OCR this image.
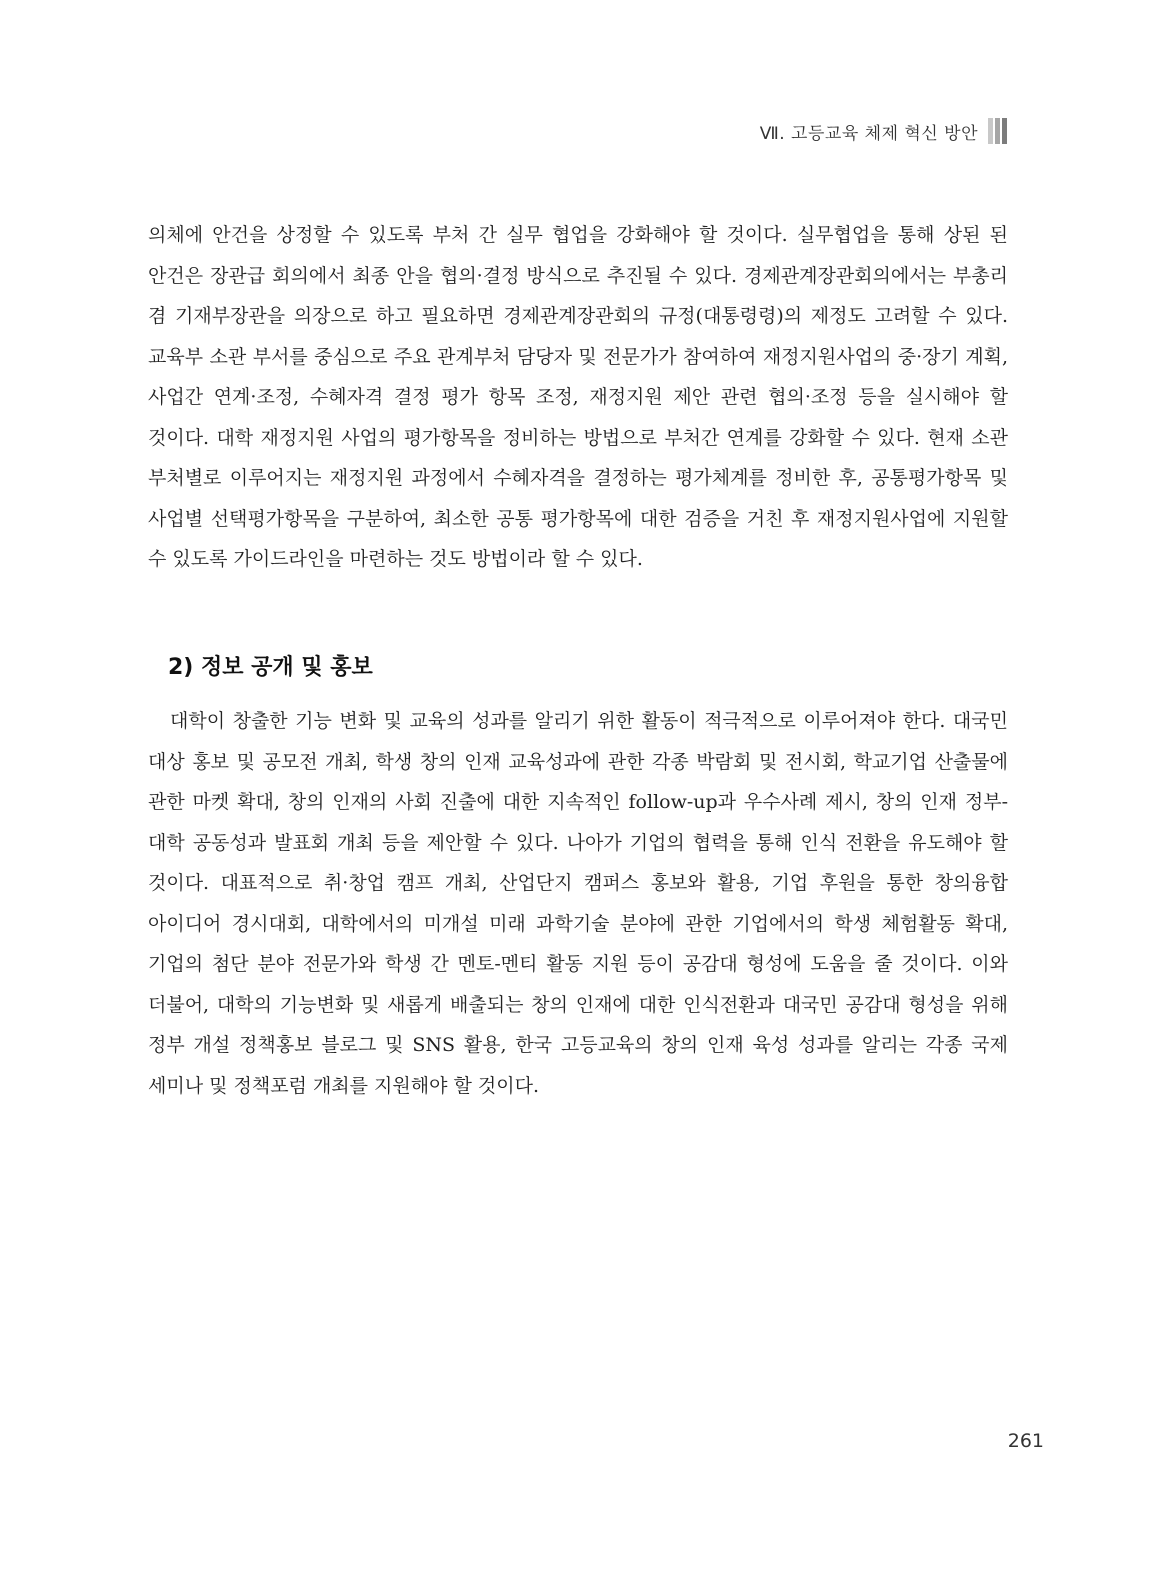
Ⅶ. 고등교육 체제 혁신 방안

의체에 안건을 상정할 수 있도록 부처 간 실무 협업을 강화해야 할 것이다. 실무협업을 통해 상된 된 안건은 장관급 회의에서 최종 안을 협의·결정 방식으로 추진될 수 있다. 경제관계장관회의에서는 부총리 겸 기재부장관을 의장으로 하고 필요하면 경제관계장관회의 규정(대통령령)의 제정도 고려할 수 있다. 교육부 소관 부서를 중심으로 주요 관계부처 담당자 및 전문가가 참여하여 재정지원사업의 중·장기 계획, 사업간 연계·조정, 수혜자격 결정 평가 항목 조정, 재정지원 제안 관련 협의·조정 등을 실시해야 할 것이다. 대학 재정지원 사업의 평가항목을 정비하는 방법으로 부처간 연계를 강화할 수 있다. 현재 소관 부처별로 이루어지는 재정지원 과정에서 수혜자격을 결정하는 평가체계를 정비한 후, 공통평가항목 및 사업별 선택평가항목을 구분하여, 최소한 공통 평가항목에 대한 검증을 거친 후 재정지원사업에 지원할 수 있도록 가이드라인을 마련하는 것도 방법이라 할 수 있다.

2) 정보 공개 및 홍보

대학이 창출한 기능 변화 및 교육의 성과를 알리기 위한 활동이 적극적으로 이루어져야 한다. 대국민 대상 홍보 및 공모전 개최, 학생 창의 인재 교육성과에 관한 각종 박람회 및 전시회, 학교기업 산출물에 관한 마켓 확대, 창의 인재의 사회 진출에 대한 지속적인 follow-up과 우수사례 제시, 창의 인재 정부-대학 공동성과 발표회 개최 등을 제안할 수 있다. 나아가 기업의 협력을 통해 인식 전환을 유도해야 할 것이다. 대표적으로 취·창업 캠프 개최, 산업단지 캠퍼스 홍보와 활용, 기업 후원을 통한 창의융합 아이디어 경시대회, 대학에서의 미개설 미래 과학기술 분야에 관한 기업에서의 학생 체험활동 확대, 기업의 첨단 분야 전문가와 학생 간 멘토-멘티 활동 지원 등이 공감대 형성에 도움을 줄 것이다. 이와 더불어, 대학의 기능변화 및 새롭게 배출되는 창의 인재에 대한 인식전환과 대국민 공감대 형성을 위해 정부 개설 정책홍보 블로그 및 SNS 활용, 한국 고등교육의 창의 인재 육성 성과를 알리는 각종 국제 세미나 및 정책포럼 개최를 지원해야 할 것이다.

261
